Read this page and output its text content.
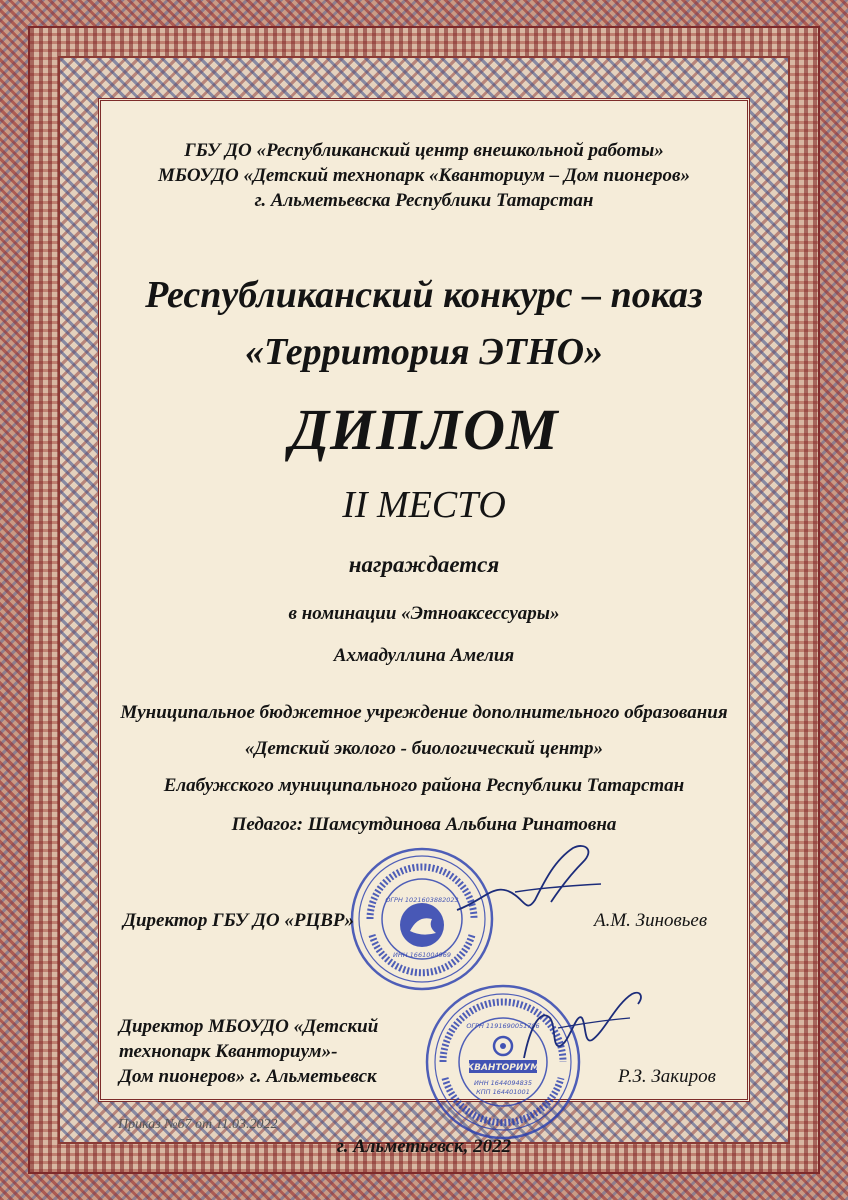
ГБУ ДО «Республиканский центр внешкольной работы»
МБОУДО «Детский технопарк «Кванториум – Дом пионеров»
г. Альметьевска Республики Татарстан
Республиканский конкурс – показ
«Территория ЭТНО»
ДИПЛОМ
II МЕСТО
награждается
в номинации «Этноаксессуары»
Ахмадуллина Амелия
Муниципальное бюджетное учреждение дополнительного образования
«Детский эколого - биологический центр»
Елабужского муниципального района Республики Татарстан
Педагог: Шамсутдинова Альбина Ринатовна
ОГРН 1021603882023
ИНН 1661004969
Директор ГБУ ДО «РЦВР»	А.М. Зиновьев
ОГРН 1191690051706
КВАНТОРИУМ
ИНН 1644094835
КПП 164401001
Директор МБОУДО «Детский
технопарк Кванториум»-
Дом пионеров» г. Альметьевск	Р.З. Закиров
Приказ №67 от 11.03.2022
г. Альметьевск, 2022
